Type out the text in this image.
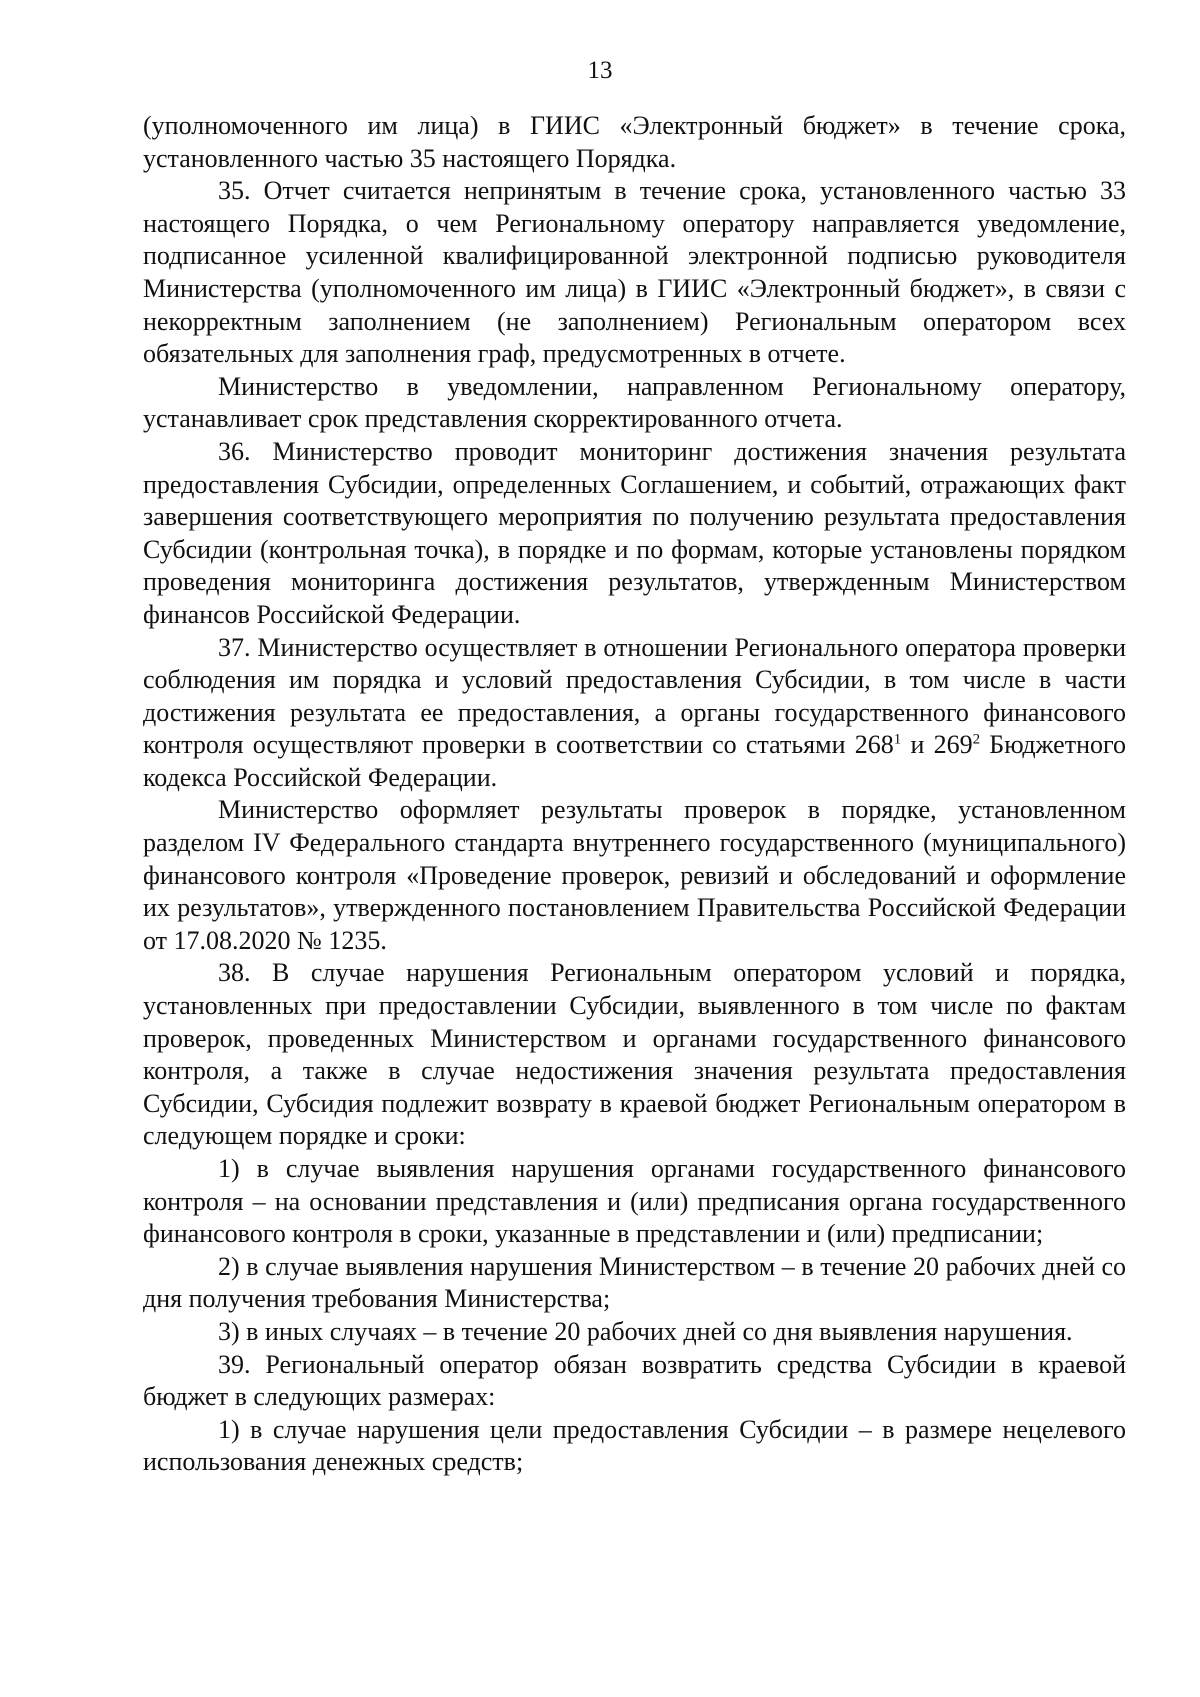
13

(уполномоченного им лица) в ГИИС «Электронный бюджет» в течение срока, установленного частью 35 настоящего Порядка.

35. Отчет считается непринятым в течение срока, установленного частью 33 настоящего Порядка, о чем Региональному оператору направляется уведомление, подписанное усиленной квалифицированной электронной подписью руководителя Министерства (уполномоченного им лица) в ГИИС «Электронный бюджет», в связи с некорректным заполнением (не заполнением) Региональным оператором всех обязательных для заполнения граф, предусмотренных в отчете.

Министерство в уведомлении, направленном Региональному оператору, устанавливает срок представления скорректированного отчета.

36. Министерство проводит мониторинг достижения значения результата предоставления Субсидии, определенных Соглашением, и событий, отражающих факт завершения соответствующего мероприятия по получению результата предоставления Субсидии (контрольная точка), в порядке и по формам, которые установлены порядком проведения мониторинга достижения результатов, утвержденным Министерством финансов Российской Федерации.

37. Министерство осуществляет в отношении Регионального оператора проверки соблюдения им порядка и условий предоставления Субсидии, в том числе в части достижения результата ее предоставления, а органы государственного финансового контроля осуществляют проверки в соответствии со статьями $268^1$ и $269^2$ Бюджетного кодекса Российской Федерации.

Министерство оформляет результаты проверок в порядке, установленном разделом IV Федерального стандарта внутреннего государственного (муниципального) финансового контроля «Проведение проверок, ревизий и обследований и оформление их результатов», утвержденного постановлением Правительства Российской Федерации от 17.08.2020 № 1235.

38. В случае нарушения Региональным оператором условий и порядка, установленных при предоставлении Субсидии, выявленного в том числе по фактам проверок, проведенных Министерством и органами государственного финансового контроля, а также в случае недостижения значения результата предоставления Субсидии, Субсидия подлежит возврату в краевой бюджет Региональным оператором в следующем порядке и сроки:

1) в случае выявления нарушения органами государственного финансового контроля – на основании представления и (или) предписания органа государственного финансового контроля в сроки, указанные в представлении и (или) предписании;

2) в случае выявления нарушения Министерством – в течение 20 рабочих дней со дня получения требования Министерства;

3) в иных случаях – в течение 20 рабочих дней со дня выявления нарушения.

39. Региональный оператор обязан возвратить средства Субсидии в краевой бюджет в следующих размерах:

1) в случае нарушения цели предоставления Субсидии – в размере нецелевого использования денежных средств;
